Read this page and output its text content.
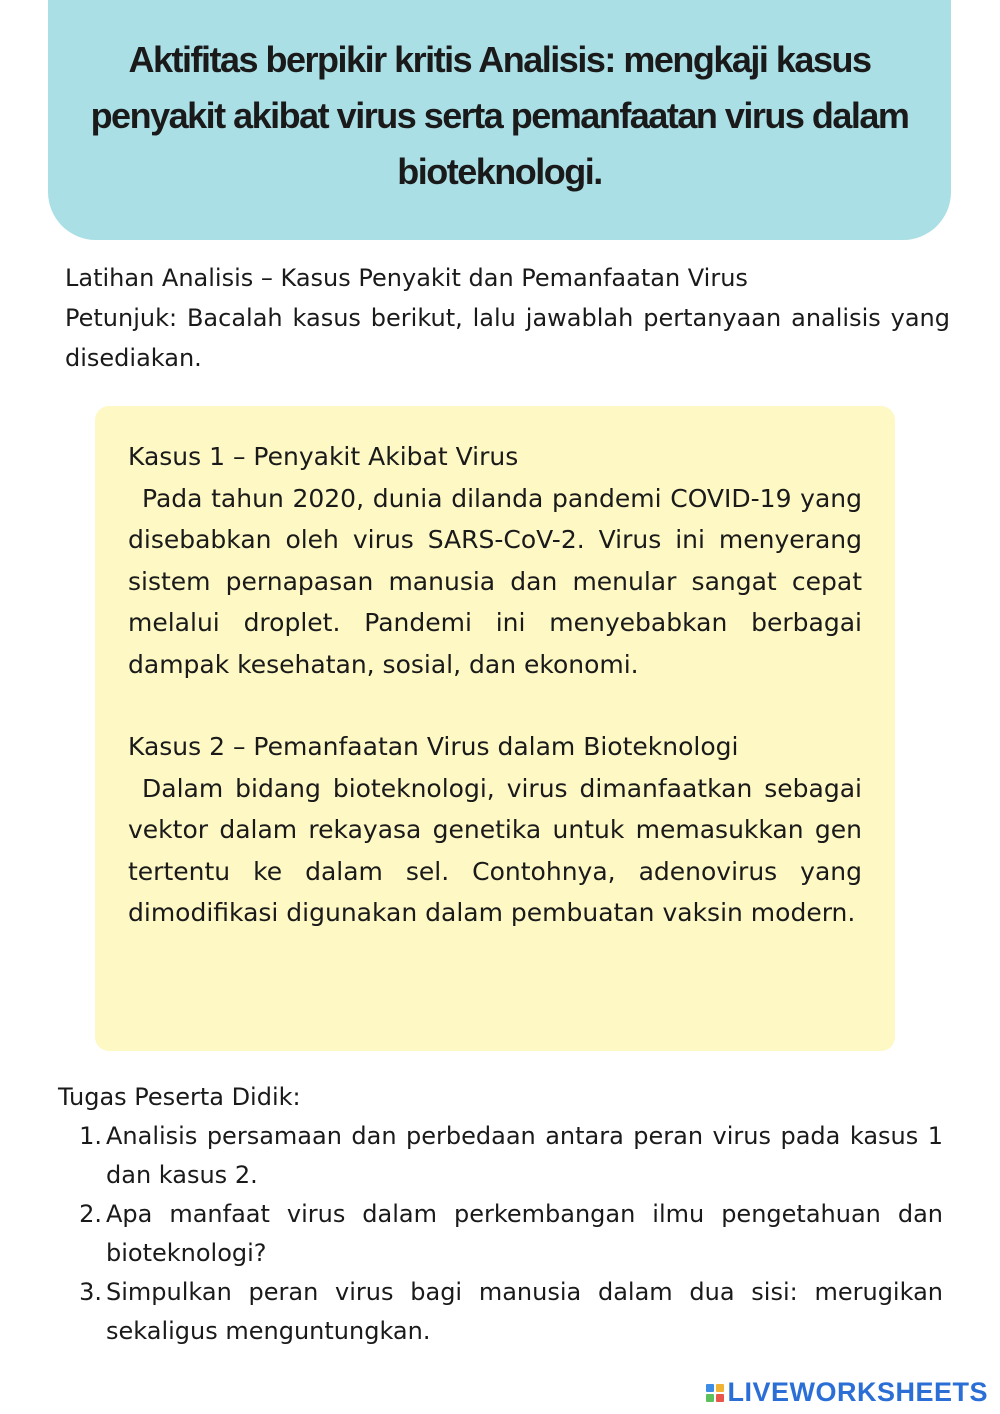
Aktifitas berpikir kritis Analisis: mengkaji kasus penyakit akibat virus serta pemanfaatan virus dalam bioteknologi.

Latihan Analisis – Kasus Penyakit dan Pemanfaatan Virus

Petunjuk: Bacalah kasus berikut, lalu jawablah pertanyaan analisis yang disediakan.

Kasus 1 – Penyakit Akibat Virus

Pada tahun 2020, dunia dilanda pandemi COVID-19 yang disebabkan oleh virus SARS-CoV-2. Virus ini menyerang sistem pernapasan manusia dan menular sangat cepat melalui droplet. Pandemi ini menyebabkan berbagai dampak kesehatan, sosial, dan ekonomi.

Kasus 2 – Pemanfaatan Virus dalam Bioteknologi

Dalam bidang bioteknologi, virus dimanfaatkan sebagai vektor dalam rekayasa genetika untuk memasukkan gen tertentu ke dalam sel. Contohnya, adenovirus yang dimodifikasi digunakan dalam pembuatan vaksin modern.

Tugas Peserta Didik:

1. Analisis persamaan dan perbedaan antara peran virus pada kasus 1 dan kasus 2.
2. Apa manfaat virus dalam perkembangan ilmu pengetahuan dan bioteknologi?
3. Simpulkan peran virus bagi manusia dalam dua sisi: merugikan sekaligus menguntungkan.
LIVEWORKSHEETS
